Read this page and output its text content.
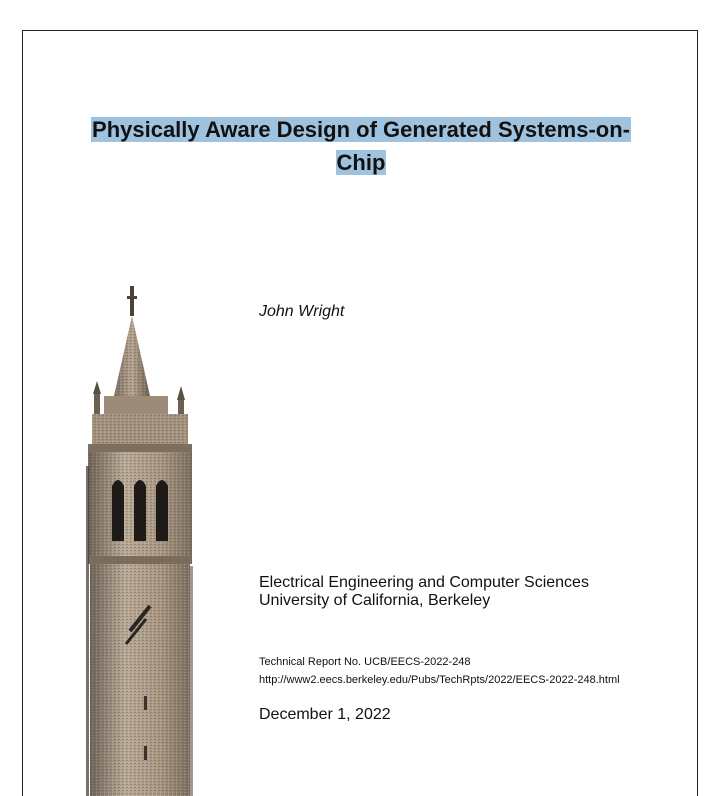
Physically Aware Design of Generated Systems-on-
Chip

John Wright

Electrical Engineering and Computer Sciences
University of California, Berkeley
Technical Report No. UCB/EECS-2022-248
http://www2.eecs.berkeley.edu/Pubs/TechRpts/2022/EECS-2022-248.html

December 1, 2022
